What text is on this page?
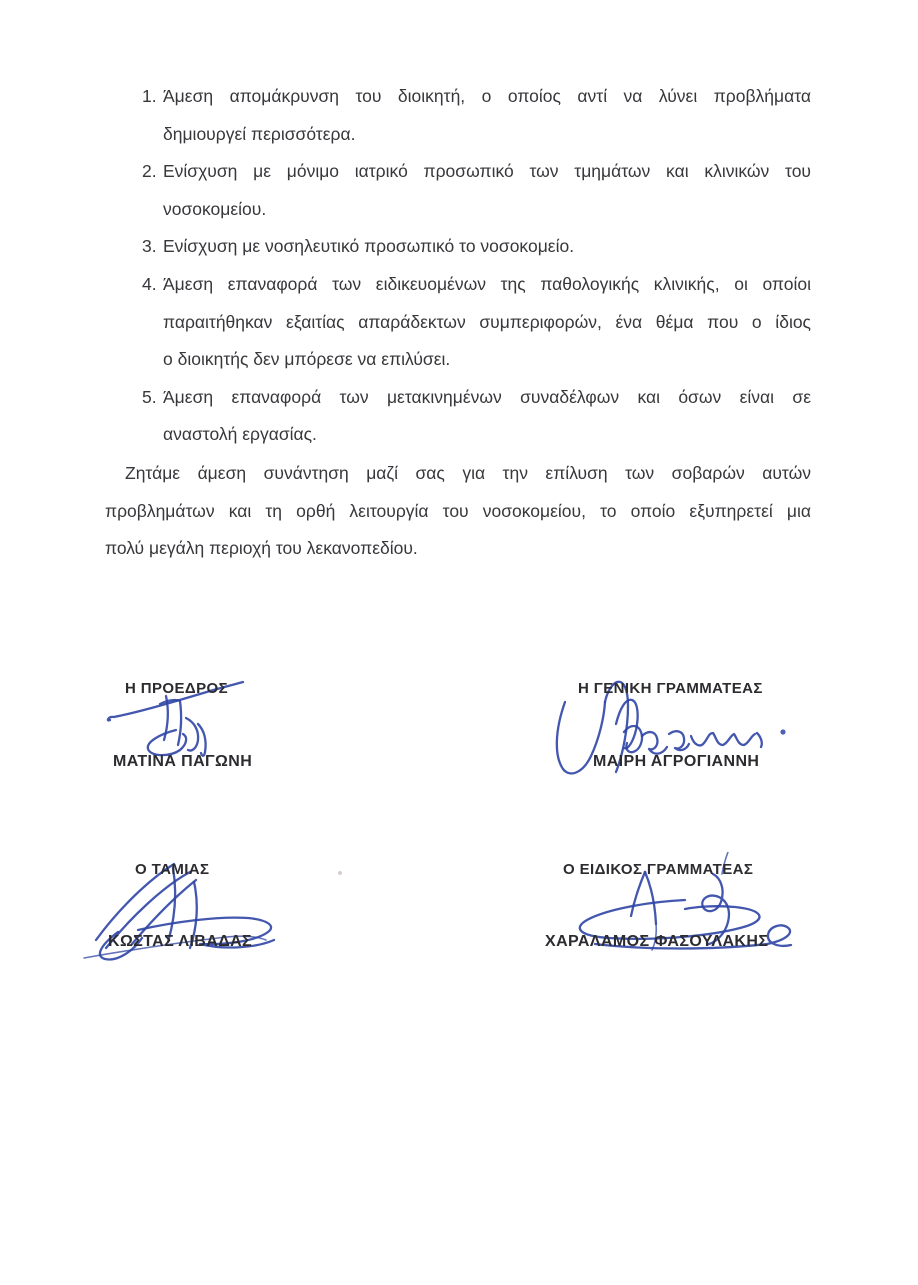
1. Άμεση απομάκρυνση του διοικητή, ο οποίος αντί να λύνει προβλήματα
δημιουργεί περισσότερα.
2. Ενίσχυση με μόνιμο ιατρικό προσωπικό των τμημάτων και κλινικών του
νοσοκομείου.
3. Ενίσχυση με νοσηλευτικό προσωπικό το νοσοκομείο.
4. Άμεση επαναφορά των ειδικευομένων της παθολογικής κλινικής, οι οποίοι
παραιτήθηκαν εξαιτίας απαράδεκτων συμπεριφορών, ένα θέμα που ο ίδιος
ο διοικητής δεν μπόρεσε να επιλύσει.
5. Άμεση επαναφορά των μετακινημένων συναδέλφων και όσων είναι σε
αναστολή εργασίας.
Ζητάμε άμεση συνάντηση μαζί σας για την επίλυση των σοβαρών αυτών
προβλημάτων και τη ορθή λειτουργία του νοσοκομείου, το οποίο εξυπηρετεί μια
πολύ μεγάλη περιοχή του λεκανοπεδίου.
Η ΠΡΟΕΔΡΟΣ
ΜΑΤΙΝΑ ΠΑΓΩΝΗ
Η ΓΕΝΙΚΗ ΓΡΑΜΜΑΤΕΑΣ
ΜΑΙΡΗ ΑΓΡΟΓΙΑΝΝΗ
Ο ΤΑΜΙΑΣ
ΚΩΣΤΑΣ ΛΙΒΑΔΑΣ
Ο ΕΙΔΙΚΟΣ ΓΡΑΜΜΑΤΕΑΣ
ΧΑΡΑΛΑΜΟΣ ΦΑΣΟΥΛΑΚΗΣ
